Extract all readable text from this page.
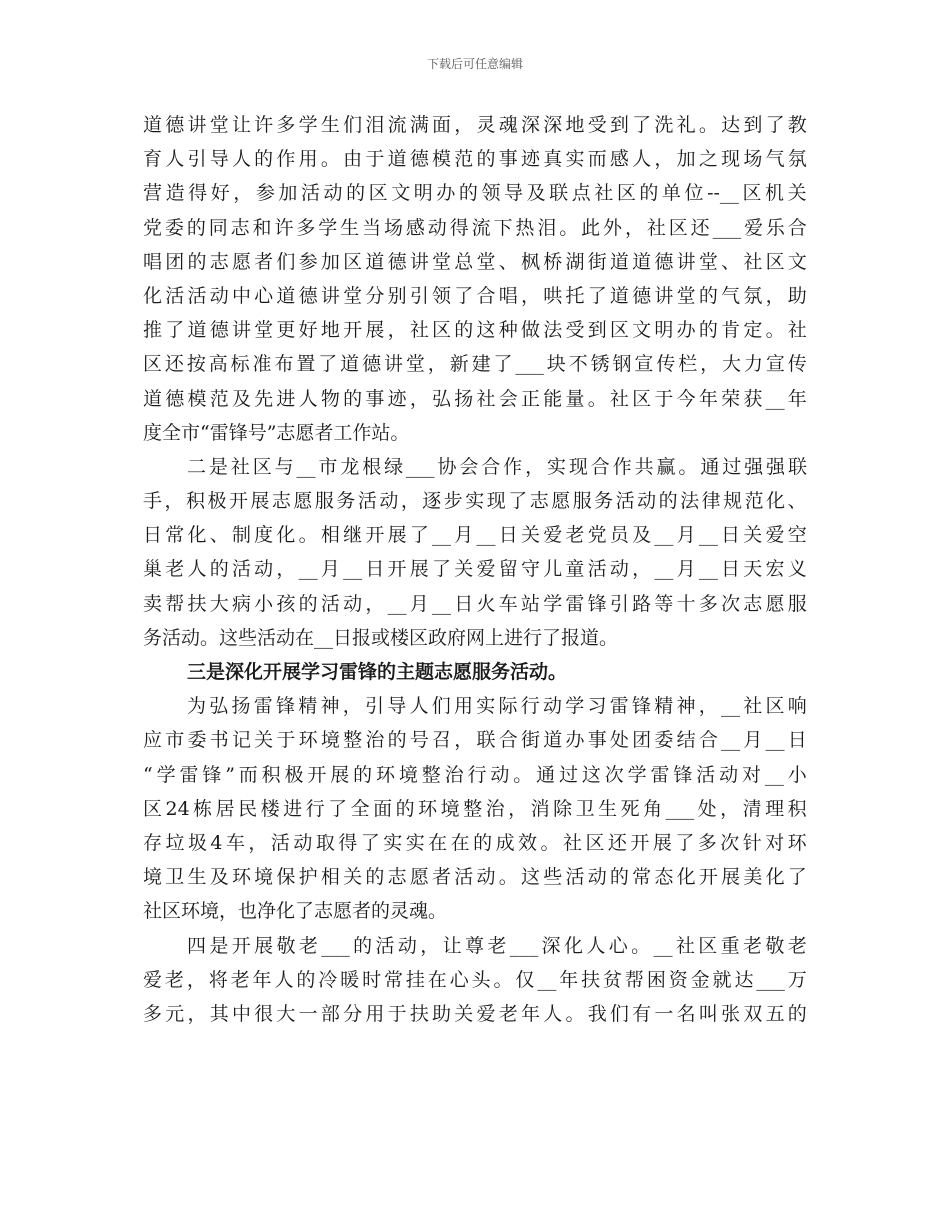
下载后可任意编辑
道 德 讲 堂 让 许 多 学 生 们 泪 流 满 面 ， 灵 魂 深 深 地 受 到 了 洗 礼 。 达 到 了 教
育 人 引 导 人 的 作 用 。 由 于 道 德 模 范 的 事 迹 真 实 而 感 人 ， 加 之 现 场 气 氛
营 造 得 好 ， 参 加 活 动 的 区 文 明 办 的 领 导 及 联 点 社 区 的 单 位 --__ 区 机 关
党 委 的 同 志 和 许 多 学 生 当 场 感 动 得 流 下 热 泪 。 此 外 ， 社 区 还 ___ 爱 乐 合
唱 团 的 志 愿 者 们 参 加 区 道 德 讲 堂 总 堂 、 枫 桥 湖 街 道 道 德 讲 堂 、 社 区 文
化 活 活 动 中 心 道 德 讲 堂 分 别 引 领 了 合 唱 ， 哄 托 了 道 德 讲 堂 的 气 氛 ， 助
推 了 道 德 讲 堂 更 好 地 开 展 ， 社 区 的 这 种 做 法 受 到 区 文 明 办 的 肯 定 。 社
区 还 按 高 标 准 布 置 了 道 德 讲 堂 ， 新 建 了 ___ 块 不 锈 钢 宣 传 栏 ， 大 力 宣 传
道 德 模 范 及 先 进 人 物 的 事 迹 ， 弘 扬 社 会 正 能 量 。 社 区 于 今 年 荣 获 __ 年
度全市“雷锋号”志愿者工作站。
二 是 社 区 与 __ 市 龙 根 绿 ___ 协 会 合 作 ， 实 现 合 作 共 赢 。 通 过 强 强 联
手 ， 积 极 开 展 志 愿 服 务 活 动 ， 逐 步 实 现 了 志 愿 服 务 活 动 的 法 律 规 范 化 、
日 常 化 、 制 度 化 。 相 继 开 展 了 __ 月 __ 日 关 爱 老 党 员 及 __ 月 __ 日 关 爱 空
巢 老 人 的 活 动 ， __ 月 __ 日 开 展 了 关 爱 留 守 儿 童 活 动 ， __ 月 __ 日 天 宏 义
卖 帮 扶 大 病 小 孩 的 活 动 ， __ 月 __ 日 火 车 站 学 雷 锋 引 路 等 十 多 次 志 愿 服
务活动。这些活动在__日报或楼区政府网上进行了报道。
三是深化开展学习雷锋的主题志愿服务活动。
为 弘 扬 雷 锋 精 神 ， 引 导 人 们 用 实 际 行 动 学 习 雷 锋 精 神 ， __ 社 区 响
应 市 委 书 记 关 于 环 境 整 治 的 号 召 ， 联 合 街 道 办 事 处 团 委 结 合 __ 月 __ 日
“ 学 雷 锋 ” 而 积 极 开 展 的 环 境 整 治 行 动 。 通 过 这 次 学 雷 锋 活 动 对 __ 小
区 24 栋 居 民 楼 进 行 了 全 面 的 环 境 整 治 ， 消 除 卫 生 死 角 ___ 处 ， 清 理 积
存 垃 圾 4 车 ， 活 动 取 得 了 实 实 在 在 的 成 效 。 社 区 还 开 展 了 多 次 针 对 环
境 卫 生 及 环 境 保 护 相 关 的 志 愿 者 活 动 。 这 些 活 动 的 常 态 化 开 展 美 化 了
社区环境，也净化了志愿者的灵魂。
四 是 开 展 敬 老 ___ 的 活 动 ， 让 尊 老 ___ 深 化 人 心 。 __ 社 区 重 老 敬 老
爱 老 ， 将 老 年 人 的 冷 暖 时 常 挂 在 心 头 。 仅 __ 年 扶 贫 帮 困 资 金 就 达 ___ 万
多 元 ， 其 中 很 大 一 部 分 用 于 扶 助 关 爱 老 年 人 。 我 们 有 一 名 叫 张 双 五 的
